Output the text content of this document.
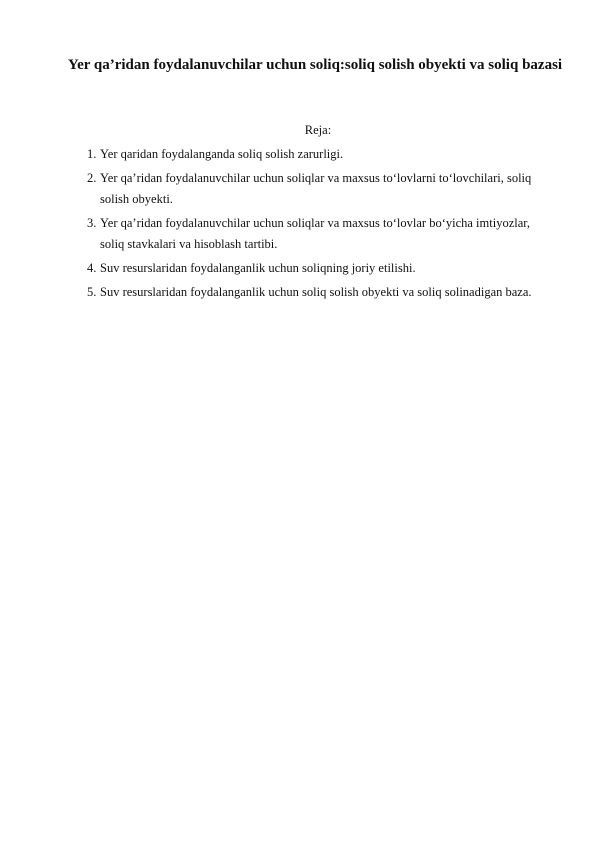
Yer qa’ridan foydalanuvchilar uchun soliq:soliq solish obyekti va soliq bazasi
Reja:
1. Yer qaridan foydalanganda soliq solish zarurligi.
2. Yer qa’ridan foydalanuvchilar uchun soliqlar va maxsus to‘lovlarni to‘lovchilari, soliq solish obyekti.
3. Yer qa’ridan foydalanuvchilar uchun soliqlar va maxsus to‘lovlar bo‘yicha imtiyozlar, soliq stavkalari va hisoblash tartibi.
4. Suv resurslaridan foydalanganlik uchun soliqning joriy etilishi.
5. Suv resurslaridan foydalanganlik uchun soliq solish obyekti va soliq solinadigan baza.
